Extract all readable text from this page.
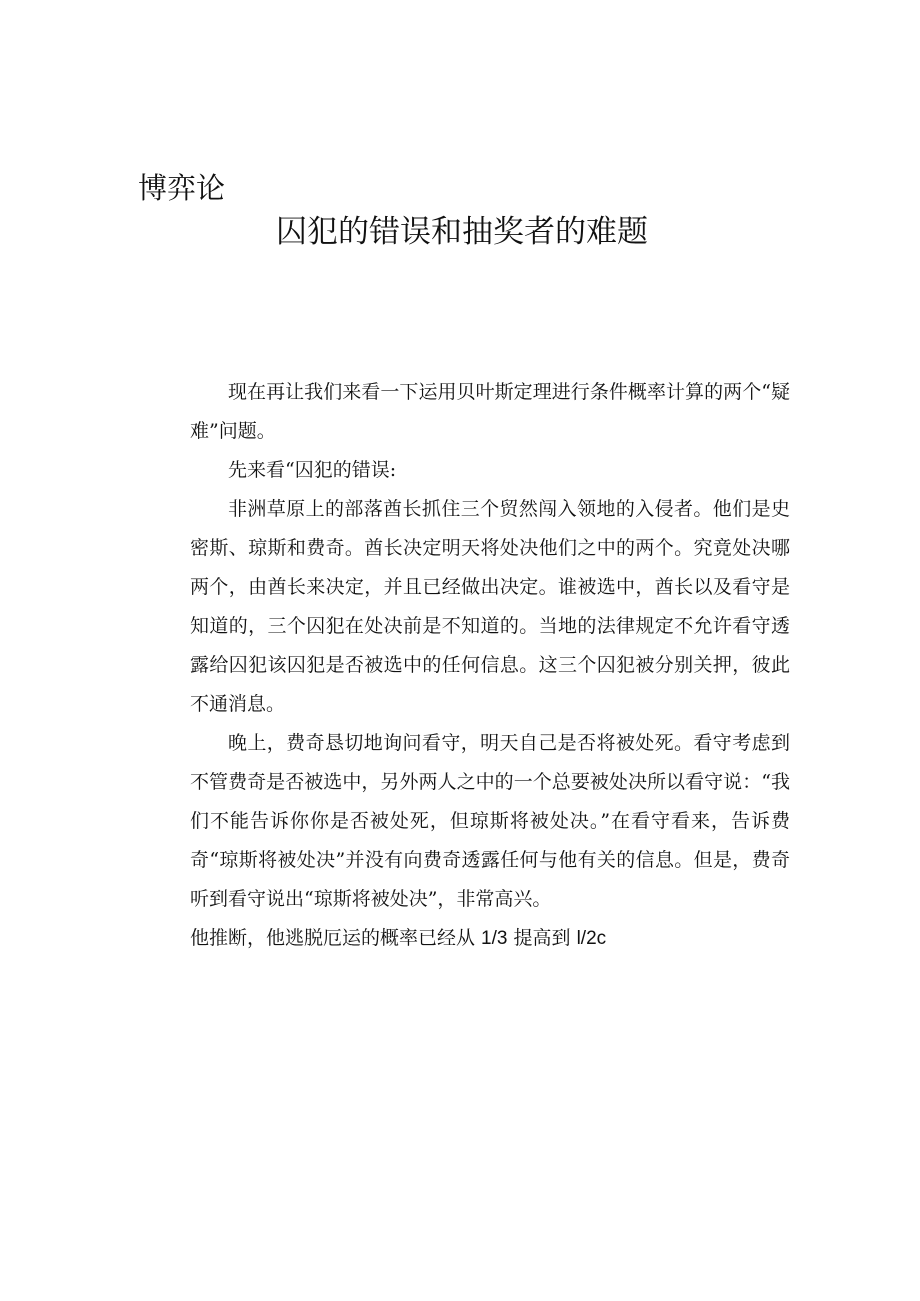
博弈论
囚犯的错误和抽奖者的难题

现在再让我们来看一下运用贝叶斯定理进行条件概率计算的两个“疑难”问题。

先来看“囚犯的错误:

非洲草原上的部落酋长抓住三个贸然闯入领地的入侵者。他们是史密斯、琼斯和费奇。酋长决定明天将处决他们之中的两个。究竟处决哪两个，由酋长来决定，并且已经做出决定。谁被选中，酋长以及看守是知道的，三个囚犯在处决前是不知道的。当地的法律规定不允许看守透露给囚犯该囚犯是否被选中的任何信息。这三个囚犯被分别关押，彼此不通消息。

晚上，费奇恳切地询问看守，明天自己是否将被处死。看守考虑到不管费奇是否被选中，另外两人之中的一个总要被处决所以看守说：“我们不能告诉你你是否被处死，但琼斯将被处决。”在看守看来，告诉费奇“琼斯将被处决”并没有向费奇透露任何与他有关的信息。但是，费奇听到看守说出“琼斯将被处决”，非常高兴。

他推断，他逃脱厄运的概率已经从 1/3 提高到 l/2c
